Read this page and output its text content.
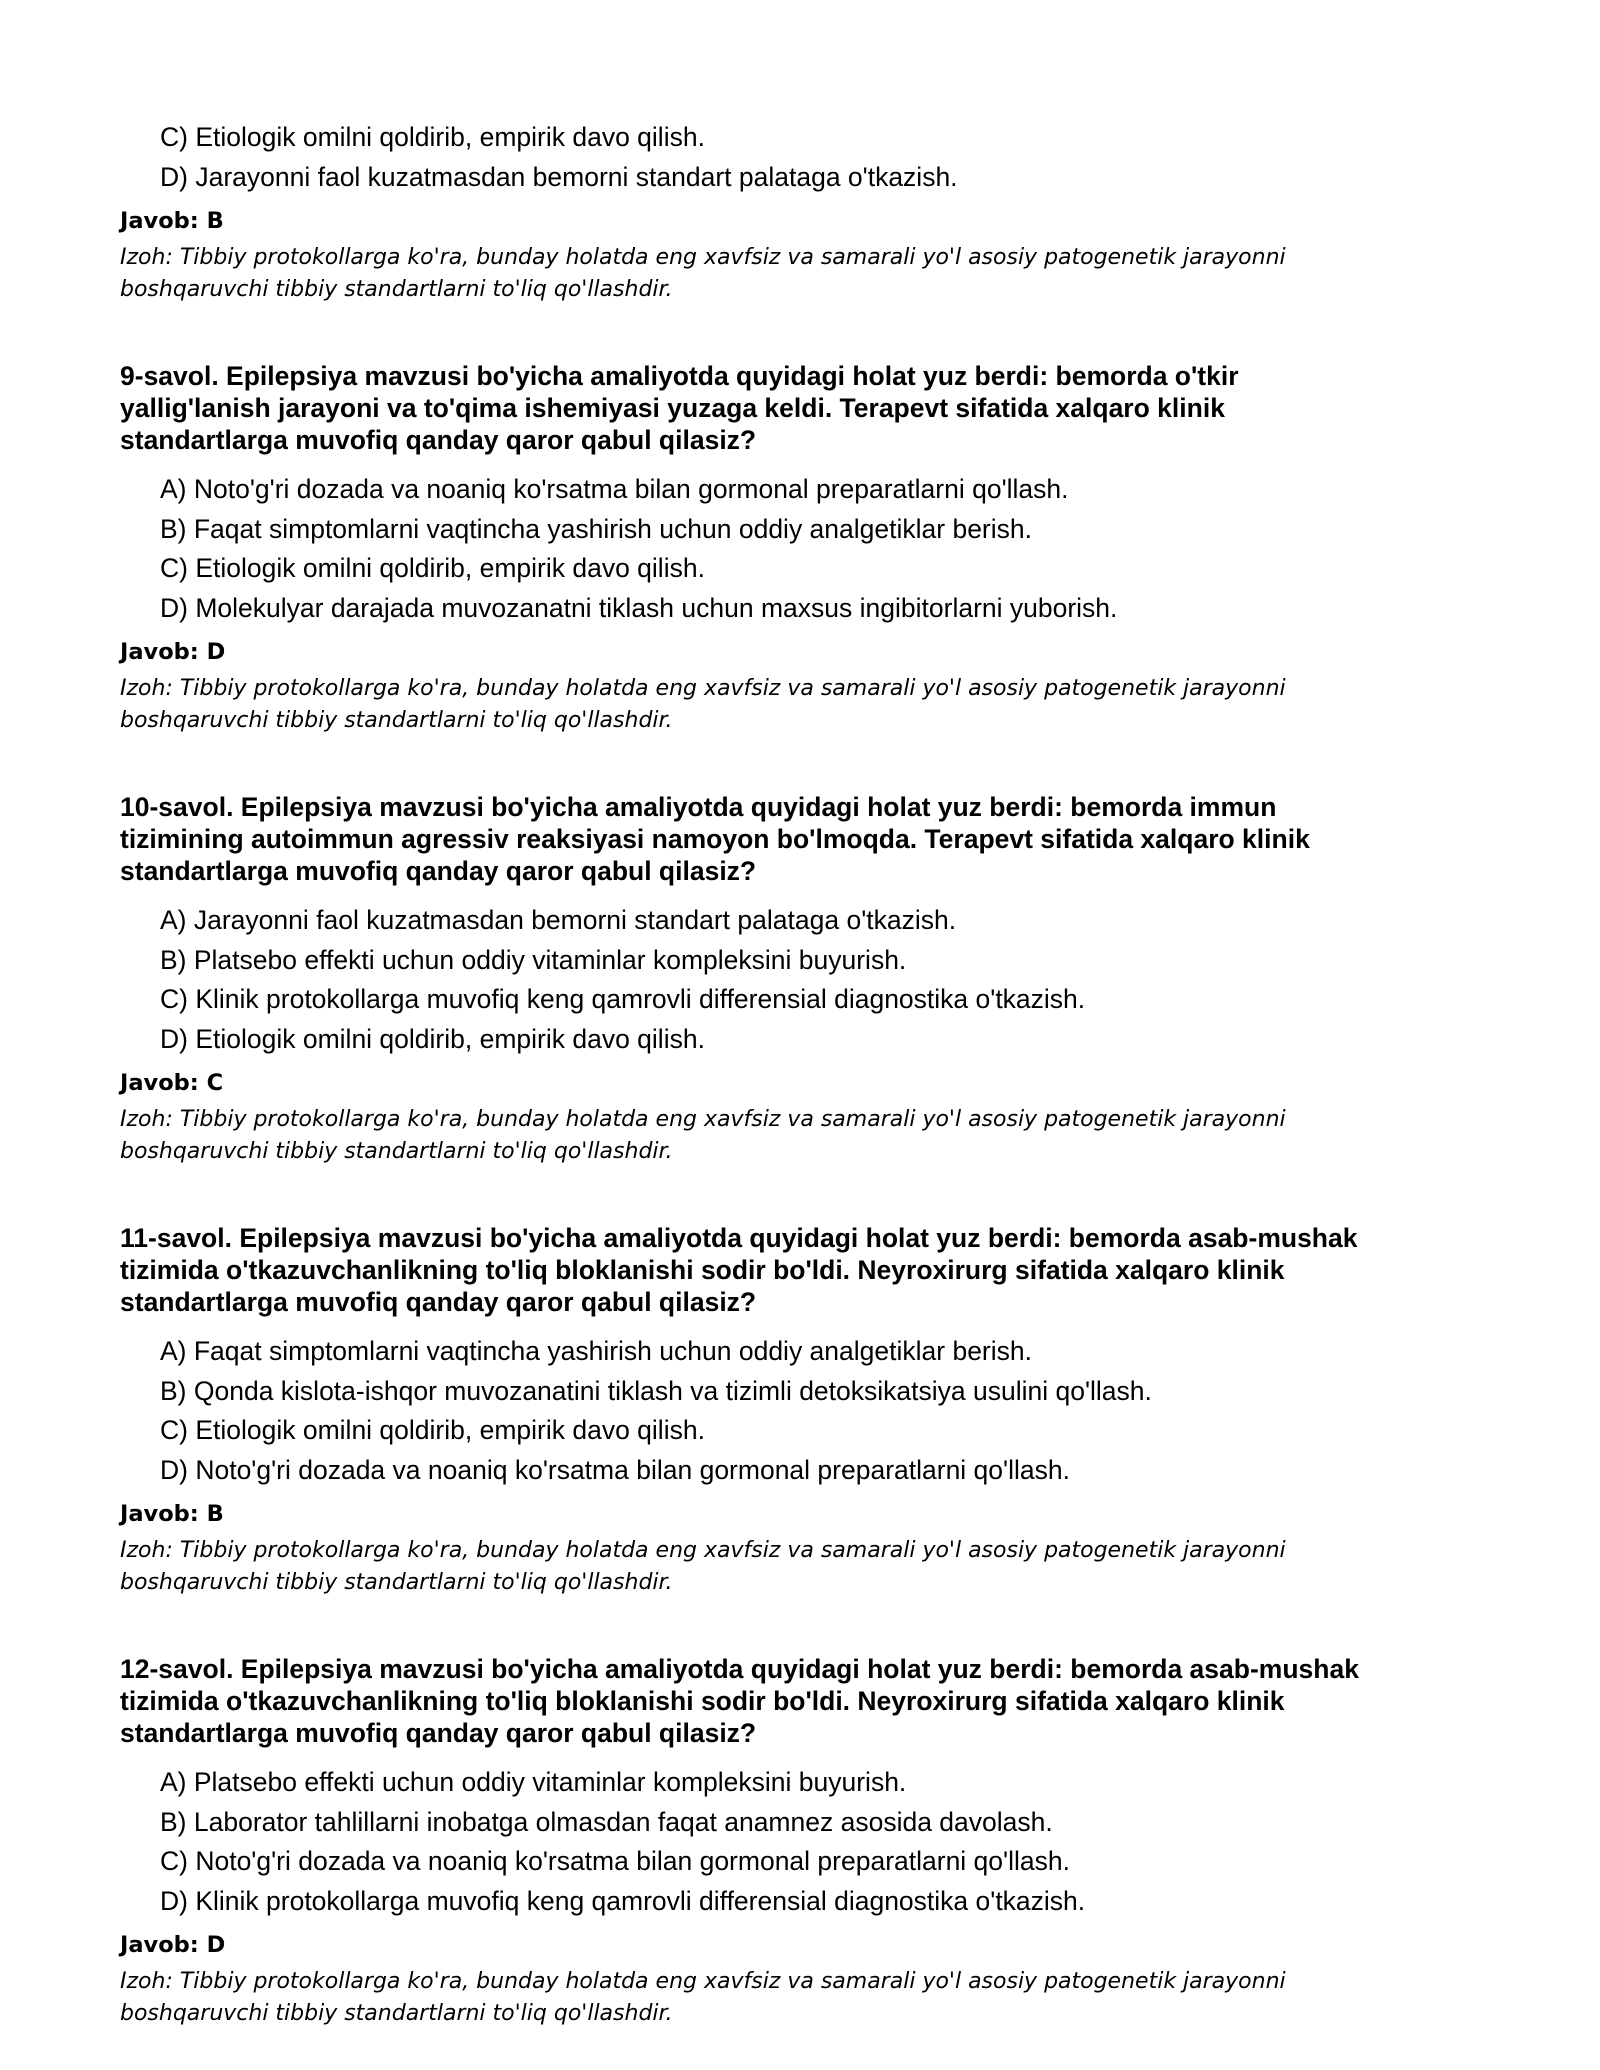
C) Etiologik omilni qoldirib, empirik davo qilish.
D) Jarayonni faol kuzatmasdan bemorni standart palataga o'tkazish.
Javob: B
Izoh: Tibbiy protokollarga ko'ra, bunday holatda eng xavfsiz va samarali yo'l asosiy patogenetik jarayonni
boshqaruvchi tibbiy standartlarni to'liq qo'llashdir.
9-savol. Epilepsiya mavzusi bo'yicha amaliyotda quyidagi holat yuz berdi: bemorda o'tkir
yallig'lanish jarayoni va to'qima ishemiyasi yuzaga keldi. Terapevt sifatida xalqaro klinik
standartlarga muvofiq qanday qaror qabul qilasiz?
A) Noto'g'ri dozada va noaniq ko'rsatma bilan gormonal preparatlarni qo'llash.
B) Faqat simptomlarni vaqtincha yashirish uchun oddiy analgetiklar berish.
C) Etiologik omilni qoldirib, empirik davo qilish.
D) Molekulyar darajada muvozanatni tiklash uchun maxsus ingibitorlarni yuborish.
Javob: D
Izoh: Tibbiy protokollarga ko'ra, bunday holatda eng xavfsiz va samarali yo'l asosiy patogenetik jarayonni
boshqaruvchi tibbiy standartlarni to'liq qo'llashdir.
10-savol. Epilepsiya mavzusi bo'yicha amaliyotda quyidagi holat yuz berdi: bemorda immun
tizimining autoimmun agressiv reaksiyasi namoyon bo'lmoqda. Terapevt sifatida xalqaro klinik
standartlarga muvofiq qanday qaror qabul qilasiz?
A) Jarayonni faol kuzatmasdan bemorni standart palataga o'tkazish.
B) Platsebo effekti uchun oddiy vitaminlar kompleksini buyurish.
C) Klinik protokollarga muvofiq keng qamrovli differensial diagnostika o'tkazish.
D) Etiologik omilni qoldirib, empirik davo qilish.
Javob: C
Izoh: Tibbiy protokollarga ko'ra, bunday holatda eng xavfsiz va samarali yo'l asosiy patogenetik jarayonni
boshqaruvchi tibbiy standartlarni to'liq qo'llashdir.
11-savol. Epilepsiya mavzusi bo'yicha amaliyotda quyidagi holat yuz berdi: bemorda asab-mushak
tizimida o'tkazuvchanlikning to'liq bloklanishi sodir bo'ldi. Neyroxirurg sifatida xalqaro klinik
standartlarga muvofiq qanday qaror qabul qilasiz?
A) Faqat simptomlarni vaqtincha yashirish uchun oddiy analgetiklar berish.
B) Qonda kislota-ishqor muvozanatini tiklash va tizimli detoksikatsiya usulini qo'llash.
C) Etiologik omilni qoldirib, empirik davo qilish.
D) Noto'g'ri dozada va noaniq ko'rsatma bilan gormonal preparatlarni qo'llash.
Javob: B
Izoh: Tibbiy protokollarga ko'ra, bunday holatda eng xavfsiz va samarali yo'l asosiy patogenetik jarayonni
boshqaruvchi tibbiy standartlarni to'liq qo'llashdir.
12-savol. Epilepsiya mavzusi bo'yicha amaliyotda quyidagi holat yuz berdi: bemorda asab-mushak
tizimida o'tkazuvchanlikning to'liq bloklanishi sodir bo'ldi. Neyroxirurg sifatida xalqaro klinik
standartlarga muvofiq qanday qaror qabul qilasiz?
A) Platsebo effekti uchun oddiy vitaminlar kompleksini buyurish.
B) Laborator tahlillarni inobatga olmasdan faqat anamnez asosida davolash.
C) Noto'g'ri dozada va noaniq ko'rsatma bilan gormonal preparatlarni qo'llash.
D) Klinik protokollarga muvofiq keng qamrovli differensial diagnostika o'tkazish.
Javob: D
Izoh: Tibbiy protokollarga ko'ra, bunday holatda eng xavfsiz va samarali yo'l asosiy patogenetik jarayonni
boshqaruvchi tibbiy standartlarni to'liq qo'llashdir.
